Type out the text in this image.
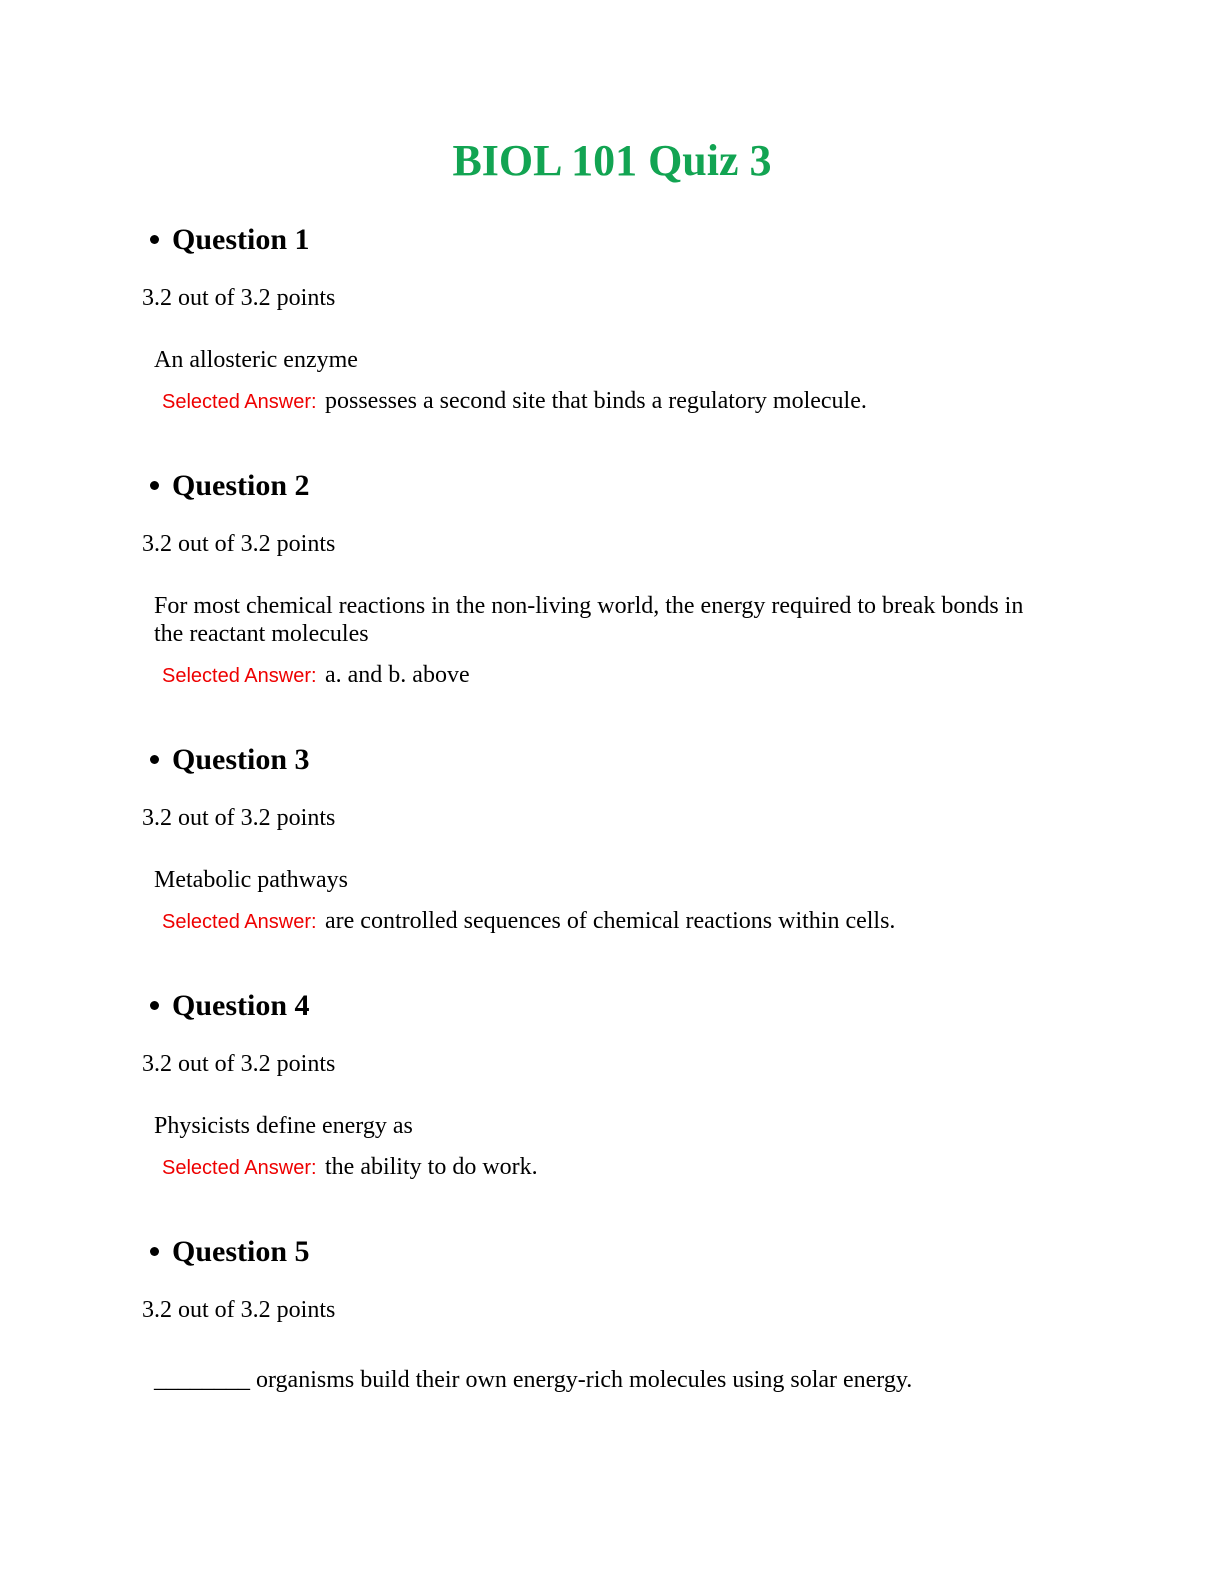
BIOL 101 Quiz 3
Question 1
3.2 out of 3.2 points
An allosteric enzyme
Selected Answer: possesses a second site that binds a regulatory molecule.
Question 2
3.2 out of 3.2 points
For most chemical reactions in the non-living world, the energy required to break bonds in
the reactant molecules
Selected Answer: a. and b. above
Question 3
3.2 out of 3.2 points
Metabolic pathways
Selected Answer: are controlled sequences of chemical reactions within cells.
Question 4
3.2 out of 3.2 points
Physicists define energy as
Selected Answer: the ability to do work.
Question 5
3.2 out of 3.2 points
________ organisms build their own energy-rich molecules using solar energy.
